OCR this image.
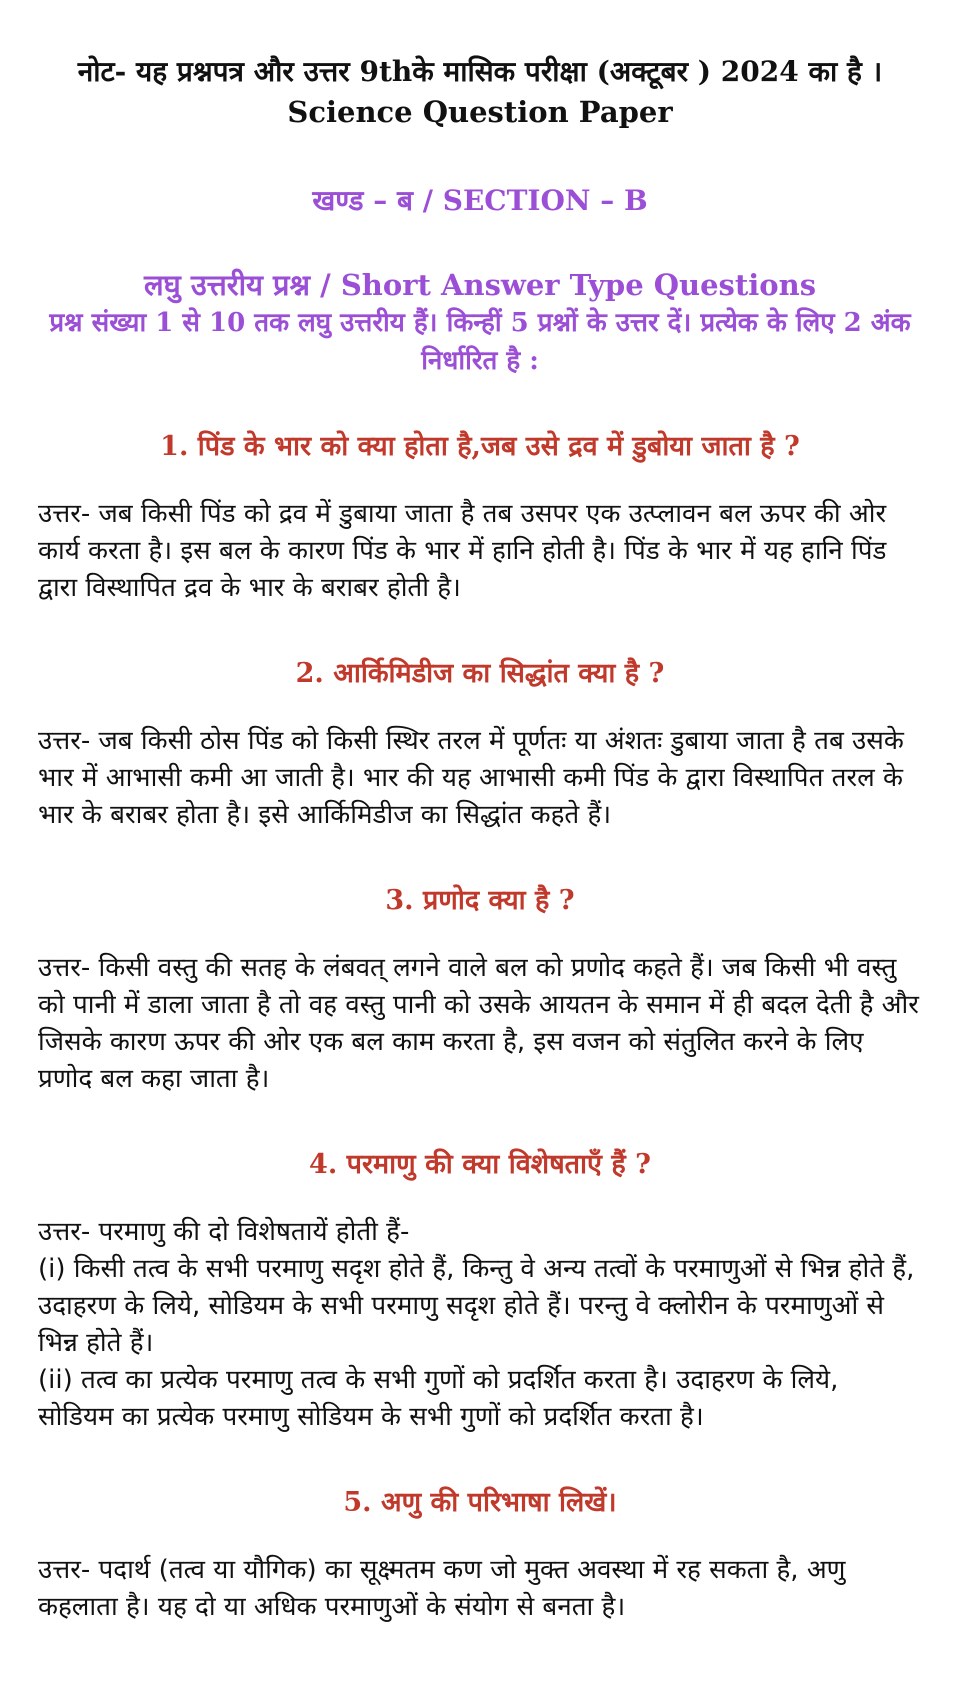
नोट- यह प्रश्नपत्र और उत्तर 9thके मासिक परीक्षा (अक्टूबर ) 2024 का है ।
Science Question Paper
खण्ड – ब / SECTION – B
लघु उत्तरीय प्रश्न / Short Answer Type Questions
प्रश्न संख्या 1 से 10 तक लघु उत्तरीय हैं। किन्हीं 5 प्रश्नों के उत्तर दें। प्रत्येक के लिए 2 अंक निर्धारित है :
1. पिंड के भार को क्या होता है,जब उसे द्रव में डुबोया जाता है ?

उत्तर- जब किसी पिंड को द्रव में डुबाया जाता है तब उसपर एक उत्प्लावन बल ऊपर की ओर कार्य करता है। इस बल के कारण पिंड के भार में हानि होती है। पिंड के भार में यह हानि पिंड द्वारा विस्थापित द्रव के भार के बराबर होती है।

2. आर्किमिडीज का सिद्धांत क्या है ?

उत्तर- जब किसी ठोस पिंड को किसी स्थिर तरल में पूर्णतः या अंशतः डुबाया जाता है तब उसके भार में आभासी कमी आ जाती है। भार की यह आभासी कमी पिंड के द्वारा विस्थापित तरल के भार के बराबर होता है। इसे आर्किमिडीज का सिद्धांत कहते हैं।

3. प्रणोद क्या है ?

उत्तर- किसी वस्तु की सतह के लंबवत् लगने वाले बल को प्रणोद कहते हैं। जब किसी भी वस्तु को पानी में डाला जाता है तो वह वस्तु पानी को उसके आयतन के समान में ही बदल देती है और जिसके कारण ऊपर की ओर एक बल काम करता है, इस वजन को संतुलित करने के लिए प्रणोद बल कहा जाता है।

4. परमाणु की क्या विशेषताएँ हैं ?

उत्तर- परमाणु की दो विशेषतायें होती हैं-

(i) किसी तत्व के सभी परमाणु सदृश होते हैं, किन्तु वे अन्य तत्वों के परमाणुओं से भिन्न होते हैं, उदाहरण के लिये, सोडियम के सभी परमाणु सदृश होते हैं। परन्तु वे क्लोरीन के परमाणुओं से भिन्न होते हैं।

(ii) तत्व का प्रत्येक परमाणु तत्व के सभी गुणों को प्रदर्शित करता है। उदाहरण के लिये, सोडियम का प्रत्येक परमाणु सोडियम के सभी गुणों को प्रदर्शित करता है।

5. अणु की परिभाषा लिखें।

उत्तर- पदार्थ (तत्व या यौगिक) का सूक्ष्मतम कण जो मुक्त अवस्था में रह सकता है, अणु कहलाता है। यह दो या अधिक परमाणुओं के संयोग से बनता है।
